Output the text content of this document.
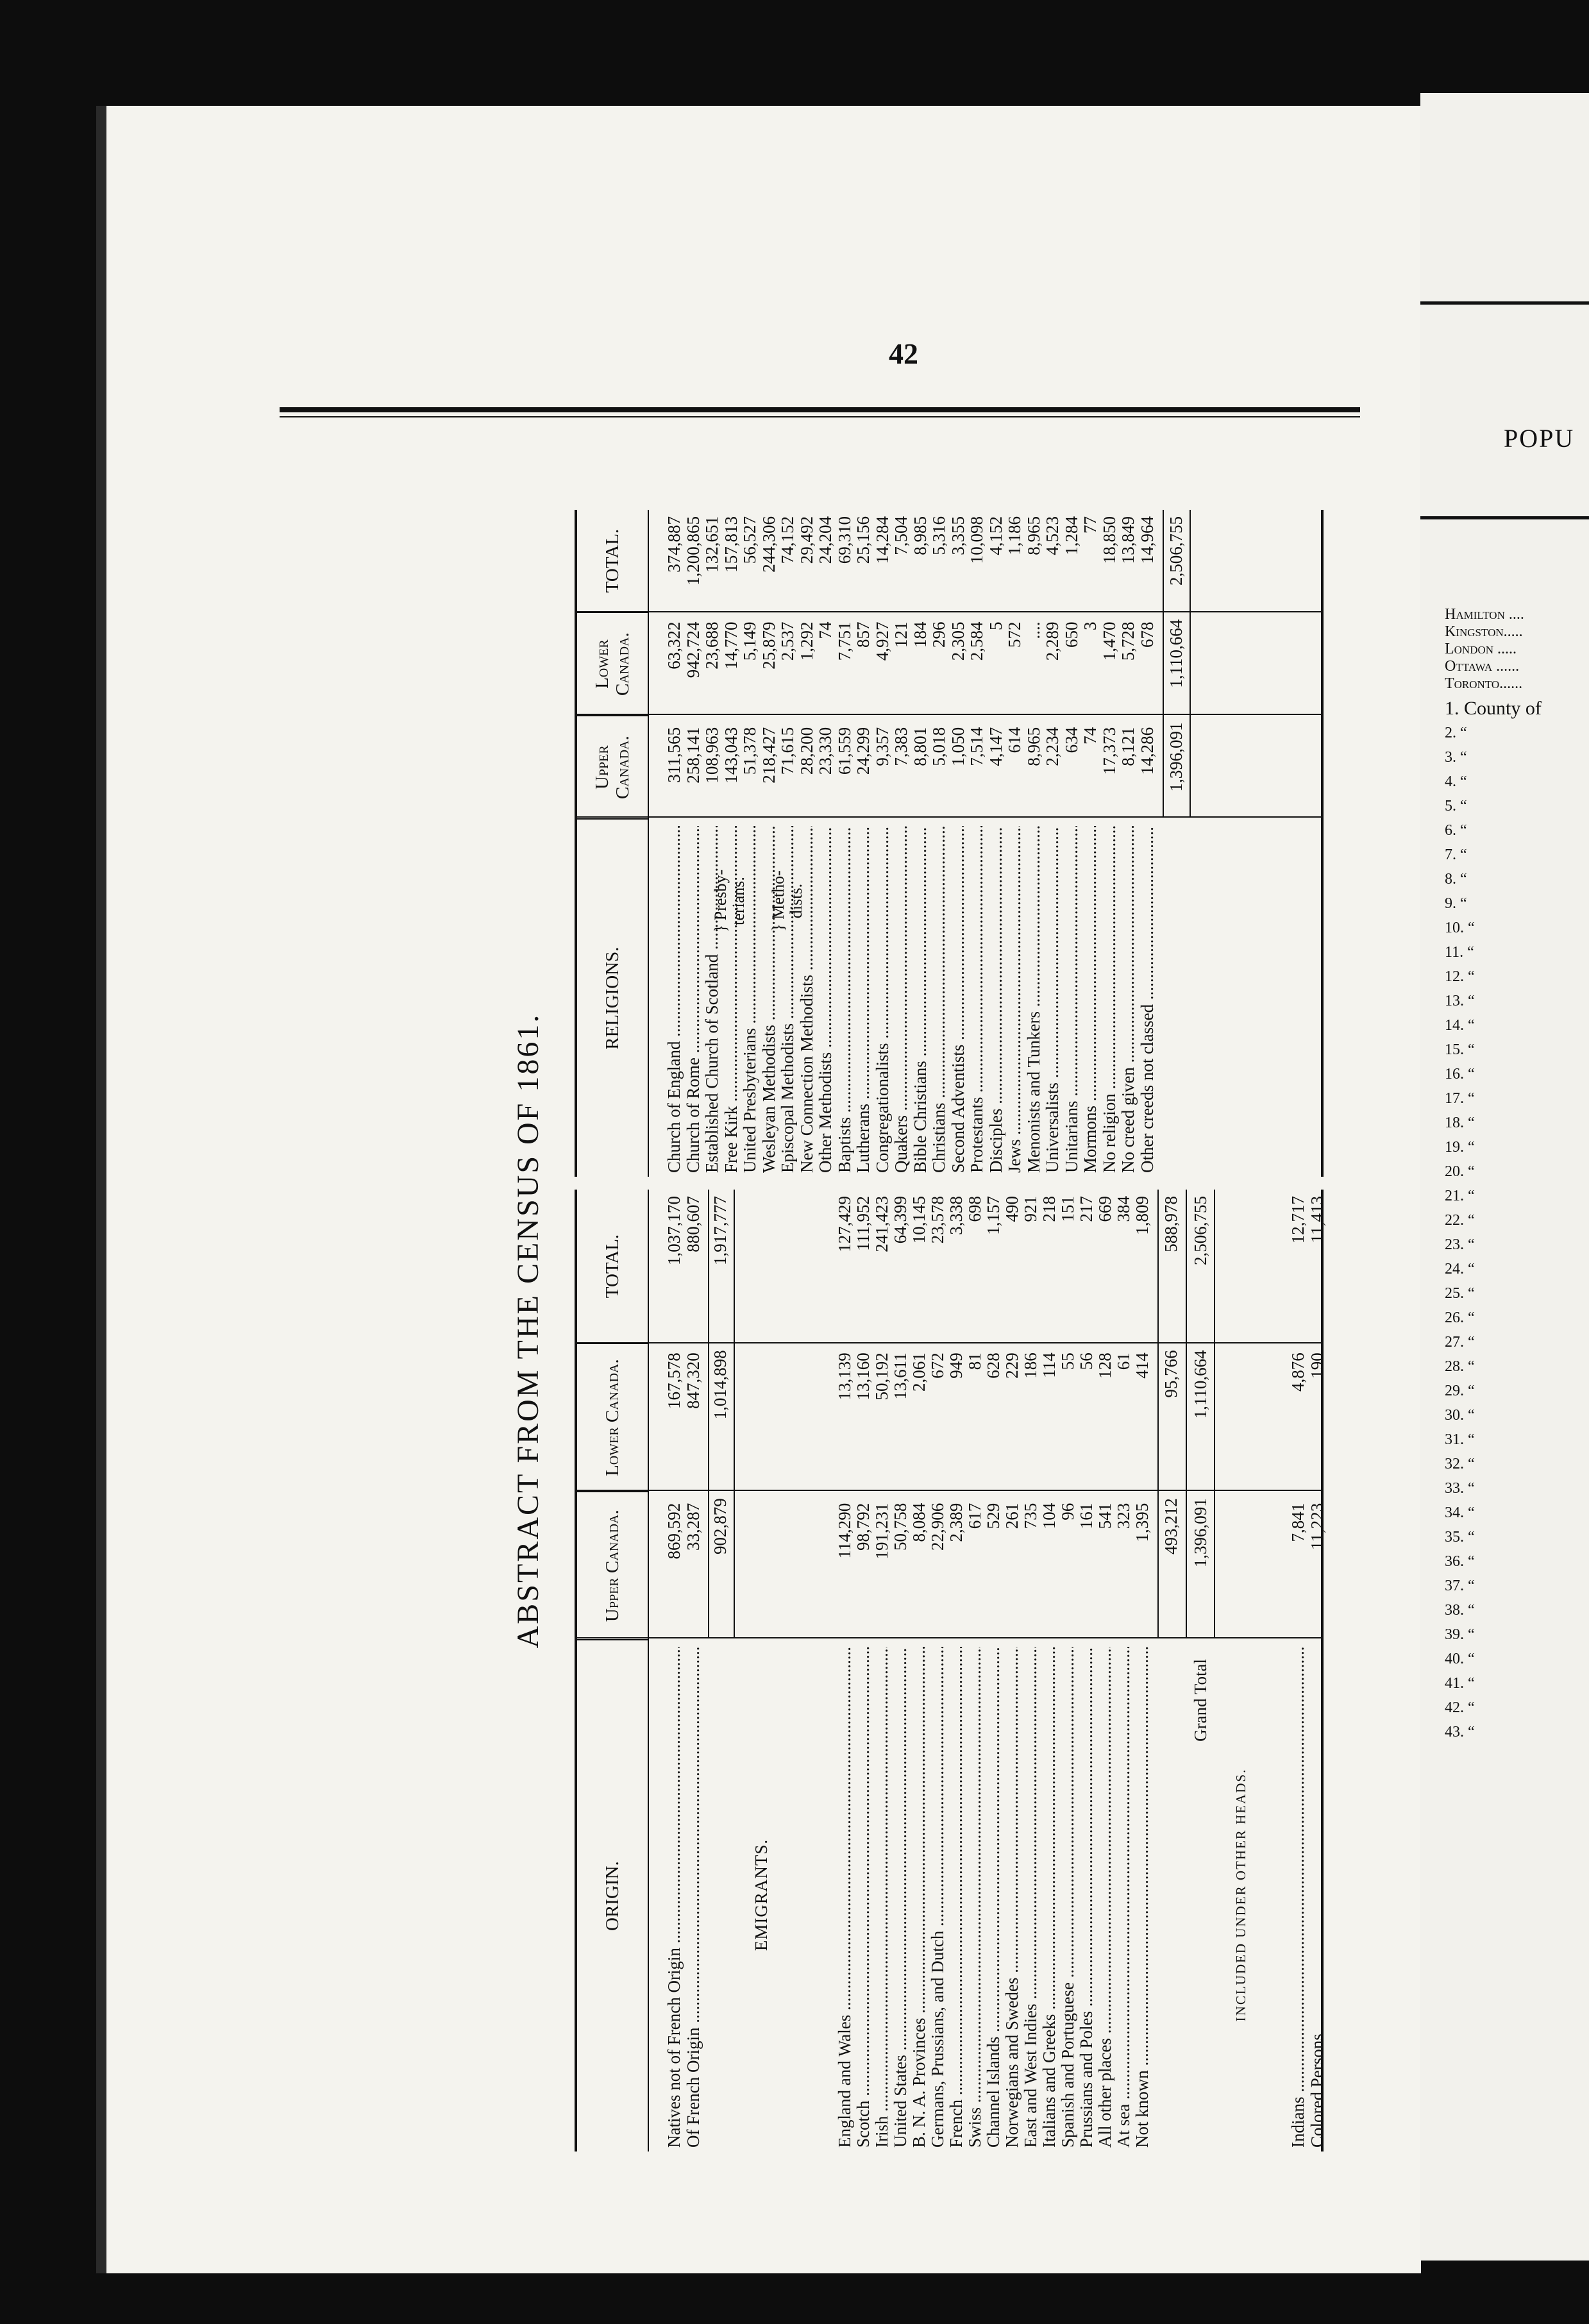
42
ABSTRACT FROM THE CENSUS OF 1861.
ORIGIN.
Upper Canada.
Lower Canada.
TOTAL.
Natives not of French Origin .....
869,592
167,578
1,037,170
Of French Origin .....
33,287
847,320
880,607
902,879
1,014,898
1,917,777
EMIGRANTS.
England and Wales .....
114,290
13,139
127,429
Scotch .....
98,792
13,160
111,952
Irish .....
191,231
50,192
241,423
United States .....
50,758
13,611
64,399
B. N. A. Provinces .....
8,084
2,061
10,145
Germans, Prussians, and Dutch .....
22,906
672
23,578
French .....
2,389
949
3,338
Swiss .....
617
81
698
Channel Islands .....
529
628
1,157
Norwegians and Swedes .....
261
229
490
East and West Indies .....
735
186
921
Italians and Greeks .....
104
114
218
Spanish and Portuguese .....
96
55
151
Prussians and Poles .....
161
56
217
All other places .....
541
128
669
At sea .....
323
61
384
Not known .....
1,395
414
1,809
493,212
95,766
588,978
Grand Total
1,396,091
1,110,664
2,506,755
INCLUDED UNDER OTHER HEADS.
Indians .....
7,841
4,876
12,717
Colored Persons .....
11,223
190
11,413
RELIGIONS.
Upper Canada.
Lower Canada.
TOTAL.
Church of England .....
311,565
63,322
374,887
Church of Rome .....
258,141
942,724
1,200,865
Established Church of Scotland .....
108,963
23,688
132,651
Free Kirk .....
143,043
14,770
157,813
United Presbyterians .....
51,378
5,149
56,527
Wesleyan Methodists .....
218,427
25,879
244,306
Episcopal Methodists .....
71,615
2,537
74,152
New Connection Methodists .....
28,200
1,292
29,492
Other Methodists .....
23,330
74
24,204
Baptists .....
61,559
7,751
69,310
Lutherans .....
24,299
857
25,156
Congregationalists .....
9,357
4,927
14,284
Quakers .....
7,383
121
7,504
Bible Christians .....
8,801
184
8,985
Christians .....
5,018
296
5,316
Second Adventists .....
1,050
2,305
3,355
Protestants .....
7,514
2,584
10,098
Disciples .....
4,147
5
4,152
Jews .....
614
572
1,186
Menonists and Tunkers .....
8,965
....
8,965
Universalists .....
2,234
2,289
4,523
Unitarians .....
634
650
1,284
Mormons .....
74
3
77
No religion .....
17,373
1,470
18,850
No creed given .....
8,121
5,728
13,849
Other creeds not classed .....
14,286
678
14,964
1,396,091
1,110,664
2,506,755
} Presby- terians.
} Metho- dists.
POPU
Hamilton ....
Kingston.....
London .....
Ottawa ......
Toronto......
1. County of
2. “
3. “
4. “
5. “
6. “
7. “
8. “
9. “
10. “
11. “
12. “
13. “
14. “
15. “
16. “
17. “
18. “
19. “
20. “
21. “
22. “
23. “
24. “
25. “
26. “
27. “
28. “
29. “
30. “
31. “
32. “
33. “
34. “
35. “
36. “
37. “
38. “
39. “
40. “
41. “
42. “
43. “
